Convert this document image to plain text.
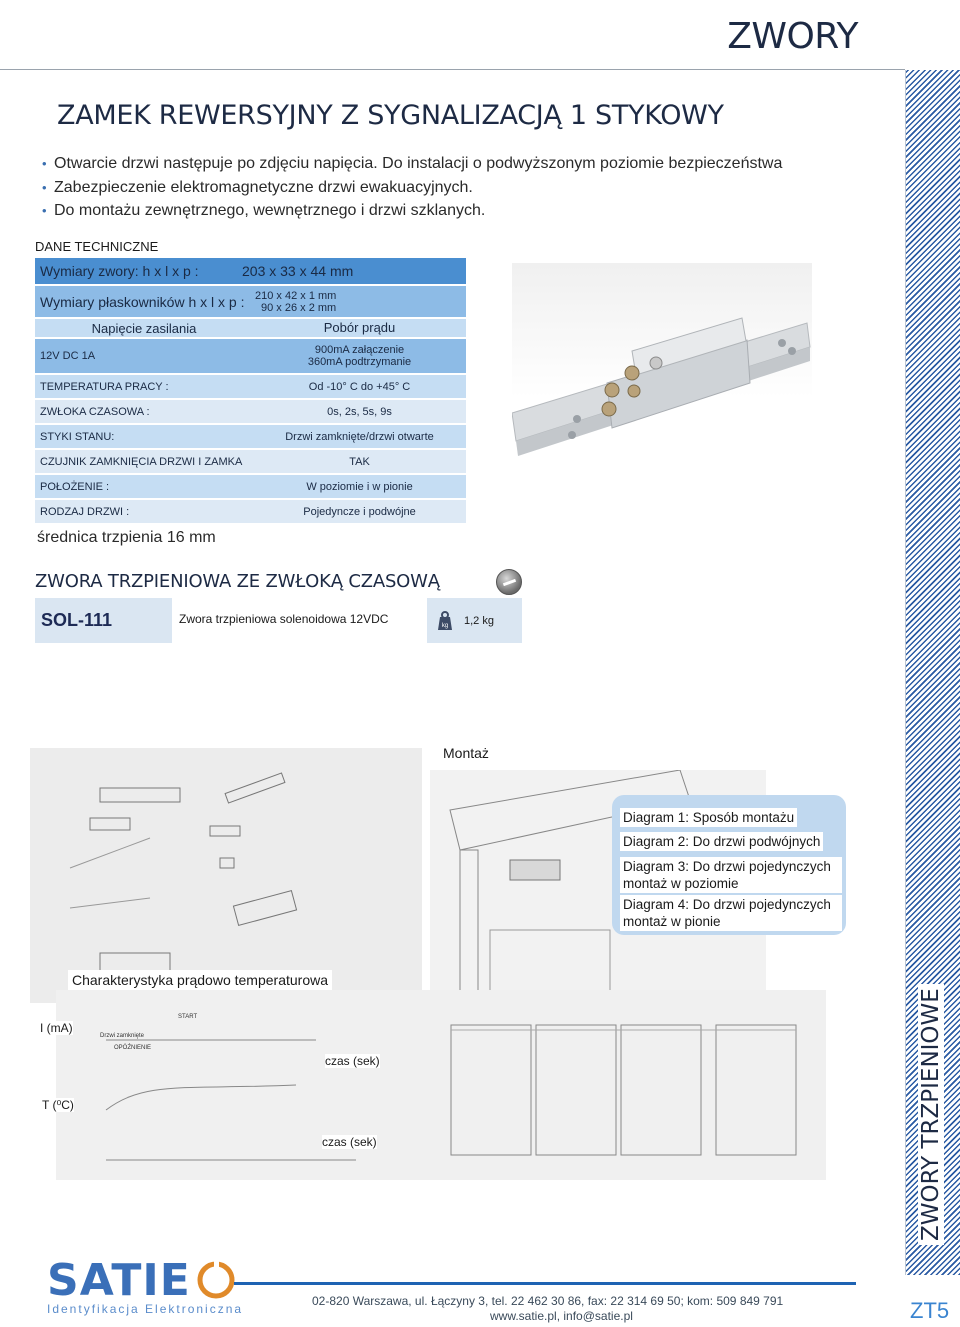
ZWORY
ZWORY TRZPIENIOWE
ZT5
ZAMEK REWERSYJNY Z SYGNALIZACJĄ 1 STYKOWY
• Otwarcie drzwi następuje po zdjęciu napięcia. Do instalacji o podwyższonym poziomie bezpieczeństwa
• Zabezpieczenie elektromagnetyczne drzwi ewakuacyjnych.
• Do montażu zewnętrznego, wewnętrznego i drzwi szklanych.
DANE TECHNICZNE
Wymiary zwory: h x l x p :	203 x 33 x 44 mm
Wymiary płaskowników h x l x p : 210 x 42 x 1 mm
90 x 26 x 2 mm
Napięcie zasilania	Pobór prądu
12V DC 1A	900mA załączenie
360mA podtrzymanie
TEMPERATURA PRACY :	Od -10° C do +45° C
ZWŁOKA CZASOWA :	0s, 2s, 5s, 9s
STYKI STANU:	Drzwi zamknięte/drzwi otwarte
CZUJNIK ZAMKNIĘCIA DRZWI I ZAMKA	TAK
POŁOŻENIE :	W poziomie i w pionie
RODZAJ DRZWI :	Pojedyncze i podwójne
średnica trzpienia 16 mm
ZWORA TRZPIENIOWA ZE ZWŁOKĄ CZASOWĄ
SOL-111	Zwora trzpieniowa solenoidowa 12VDC	kg 1,2 kg
Montaż
Diagram 1: Sposób montażu
Diagram 2: Do drzwi podwójnych
Diagram 3: Do drzwi pojedynczych montaż w poziomie
Diagram 4: Do drzwi pojedynczych montaż w pionie
Charakterystyka prądowo temperaturowa
I (mA)
T (⁰C)
czas (sek)
czas (sek)
START
Drzwi zamknięte
OPÓŹNIENIE
SATIE
Identyfikacja Elektroniczna
02-820 Warszawa, ul. Łączyny 3, tel. 22 462 30 86, fax: 22 314 69 50; kom: 509 849 791
www.satie.pl, info@satie.pl
